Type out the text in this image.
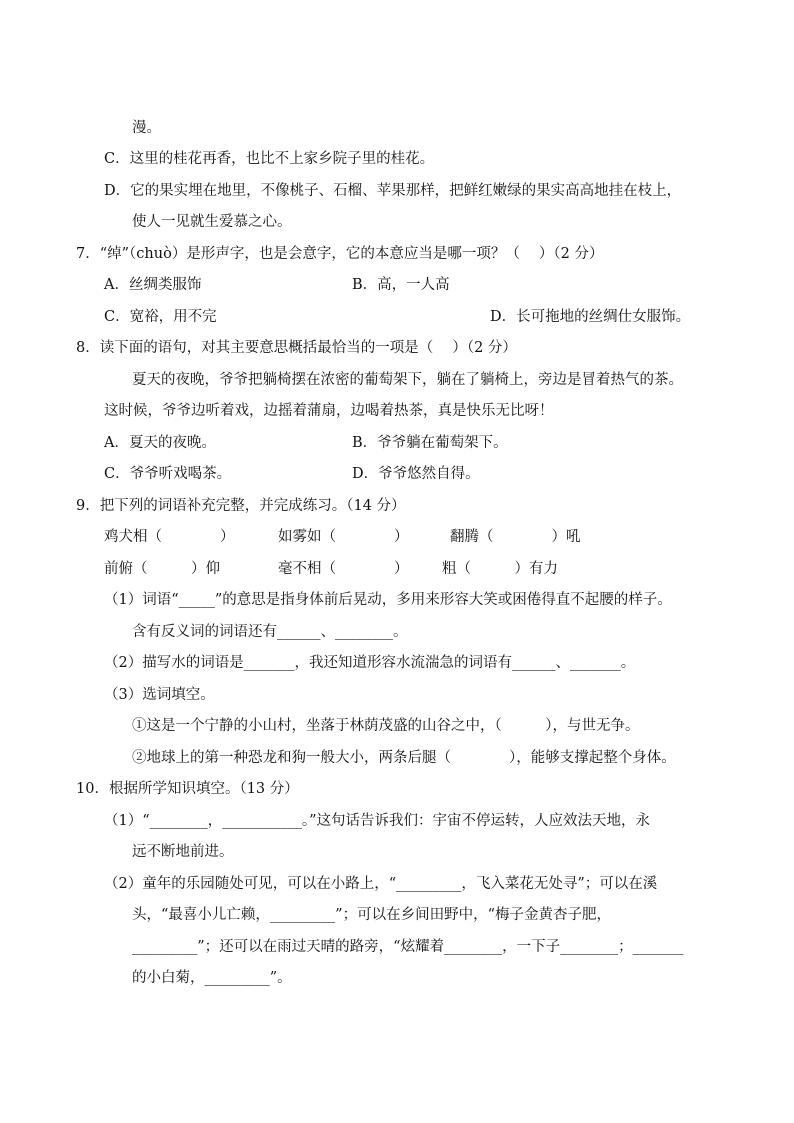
漫。
C．这里的桂花再香，也比不上家乡院子里的桂花。
D．它的果实埋在地里，不像桃子、石榴、苹果那样，把鲜红嫩绿的果实高高地挂在枝上，
使人一见就生爱慕之心。
7．“绰”（chuò）是形声字，也是会意字，它的本意应当是哪一项？（　 ）（2 分）
A．丝绸类服饰	B．高，一人高
C．宽裕，用不完	D．长可拖地的丝绸仕女服饰。
8．读下面的语句，对其主要意思概括最恰当的一项是（　 ）（2 分）
夏天的夜晚，爷爷把躺椅摆在浓密的葡萄架下，躺在了躺椅上，旁边是冒着热气的茶。
这时候，爷爷边听着戏，边摇着蒲扇，边喝着热茶，真是快乐无比呀！
A．夏天的夜晚。	B．爷爷躺在葡萄架下。
C．爷爷听戏喝茶。	D．爷爷悠然自得。
9．把下列的词语补充完整，并完成练习。（14 分）
鸡犬相（　　　　）	如雾如（　　　　）	翻腾（　　　　）吼
前俯（　　　）仰	毫不相（　　　　） 粗（　　　）有力
（1）词语“_____”的意思是指身体前后晃动，多用来形容大笑或困倦得直不起腰的样子。
含有反义词的词语还有______、________。
（2）描写水的词语是_______，我还知道形容水流湍急的词语有______、_______。
（3）选词填空。
①这是一个宁静的小山村，坐落于林荫茂盛的山谷之中，（　　　），与世无争。
②地球上的第一种恐龙和狗一般大小，两条后腿（　　　　），能够支撑起整个身体。
10．根据所学知识填空。（13 分）
（1）“________，___________。”这句话告诉我们：宇宙不停运转，人应效法天地，永
远不断地前进。
（2）童年的乐园随处可见，可以在小路上，“_________，飞入菜花无处寻”；可以在溪
头，“最喜小儿亡赖，_________”；可以在乡间田野中，“梅子金黄杏子肥，
_________”；还可以在雨过天晴的路旁，“炫耀着________，一下子________；_______
的小白菊，_________”。
